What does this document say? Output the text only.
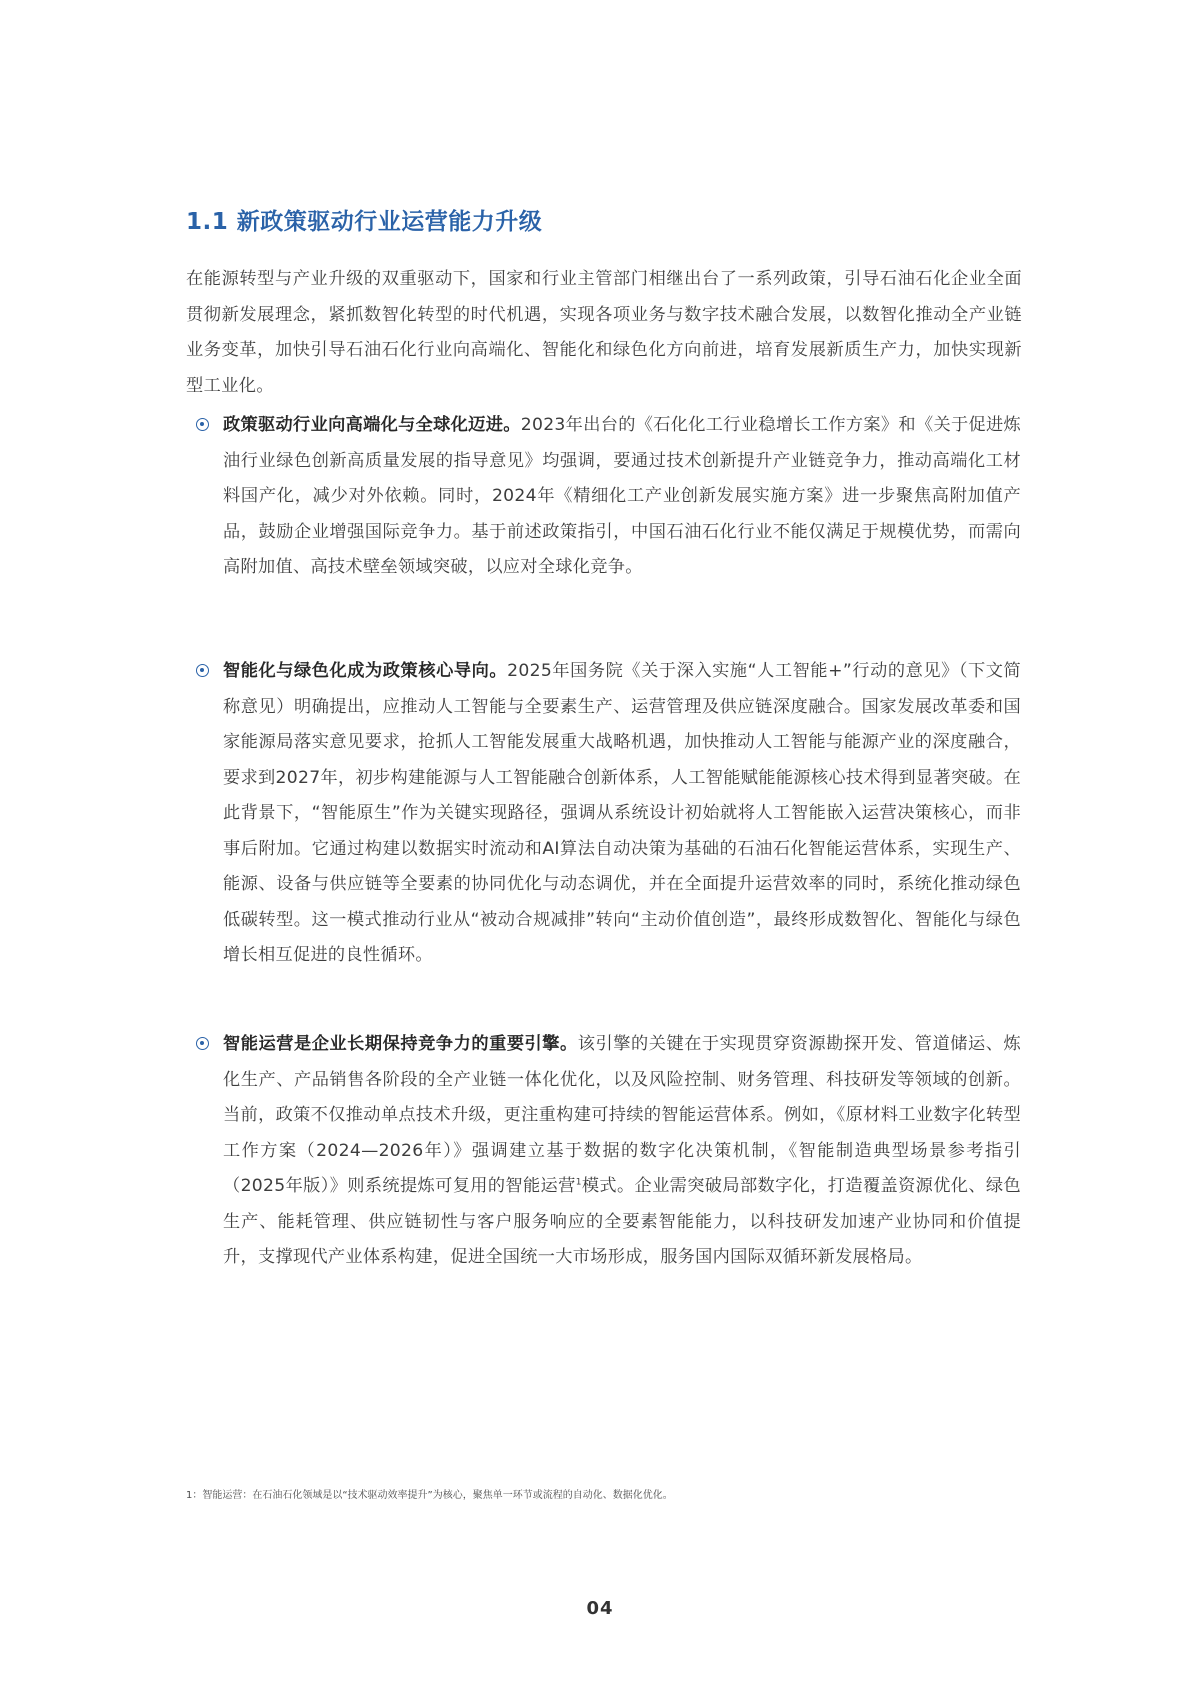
1.1 新政策驱动行业运营能力升级

在能源转型与产业升级的双重驱动下，国家和行业主管部门相继出台了一系列政策，引导石油石化企业全面贯彻新发展理念，紧抓数智化转型的时代机遇，实现各项业务与数字技术融合发展，以数智化推动全产业链业务变革，加快引导石油石化行业向高端化、智能化和绿色化方向前进，培育发展新质生产力，加快实现新型工业化。

政策驱动行业向高端化与全球化迈进。2023年出台的《石化化工行业稳增长工作方案》和《关于促进炼油行业绿色创新高质量发展的指导意见》均强调，要通过技术创新提升产业链竞争力，推动高端化工材料国产化，减少对外依赖。同时，2024年《精细化工产业创新发展实施方案》进一步聚焦高附加值产品，鼓励企业增强国际竞争力。基于前述政策指引，中国石油石化行业不能仅满足于规模优势，而需向高附加值、高技术壁垒领域突破，以应对全球化竞争。

智能化与绿色化成为政策核心导向。2025年国务院《关于深入实施“人工智能+”行动的意见》（下文简称意见）明确提出，应推动人工智能与全要素生产、运营管理及供应链深度融合。国家发展改革委和国家能源局落实意见要求，抢抓人工智能发展重大战略机遇，加快推动人工智能与能源产业的深度融合，要求到2027年，初步构建能源与人工智能融合创新体系，人工智能赋能能源核心技术得到显著突破。在此背景下，“智能原生”作为关键实现路径，强调从系统设计初始就将人工智能嵌入运营决策核心，而非事后附加。它通过构建以数据实时流动和AI算法自动决策为基础的石油石化智能运营体系，实现生产、能源、设备与供应链等全要素的协同优化与动态调优，并在全面提升运营效率的同时，系统化推动绿色低碳转型。这一模式推动行业从“被动合规减排”转向“主动价值创造”，最终形成数智化、智能化与绿色增长相互促进的良性循环。

智能运营是企业长期保持竞争力的重要引擎。该引擎的关键在于实现贯穿资源勘探开发、管道储运、炼化生产、产品销售各阶段的全产业链一体化优化，以及风险控制、财务管理、科技研发等领域的创新。当前，政策不仅推动单点技术升级，更注重构建可持续的智能运营体系。例如，《原材料工业数字化转型工作方案（2024—2026年）》强调建立基于数据的数字化决策机制，《智能制造典型场景参考指引（2025年版）》则系统提炼可复用的智能运营$^1$模式。企业需突破局部数字化，打造覆盖资源优化、绿色生产、能耗管理、供应链韧性与客户服务响应的全要素智能能力，以科技研发加速产业协同和价值提升，支撑现代产业体系构建，促进全国统一大市场形成，服务国内国际双循环新发展格局。

1：智能运营：在石油石化领域是以“技术驱动效率提升”为核心，聚焦单一环节或流程的自动化、数据化优化。

04
